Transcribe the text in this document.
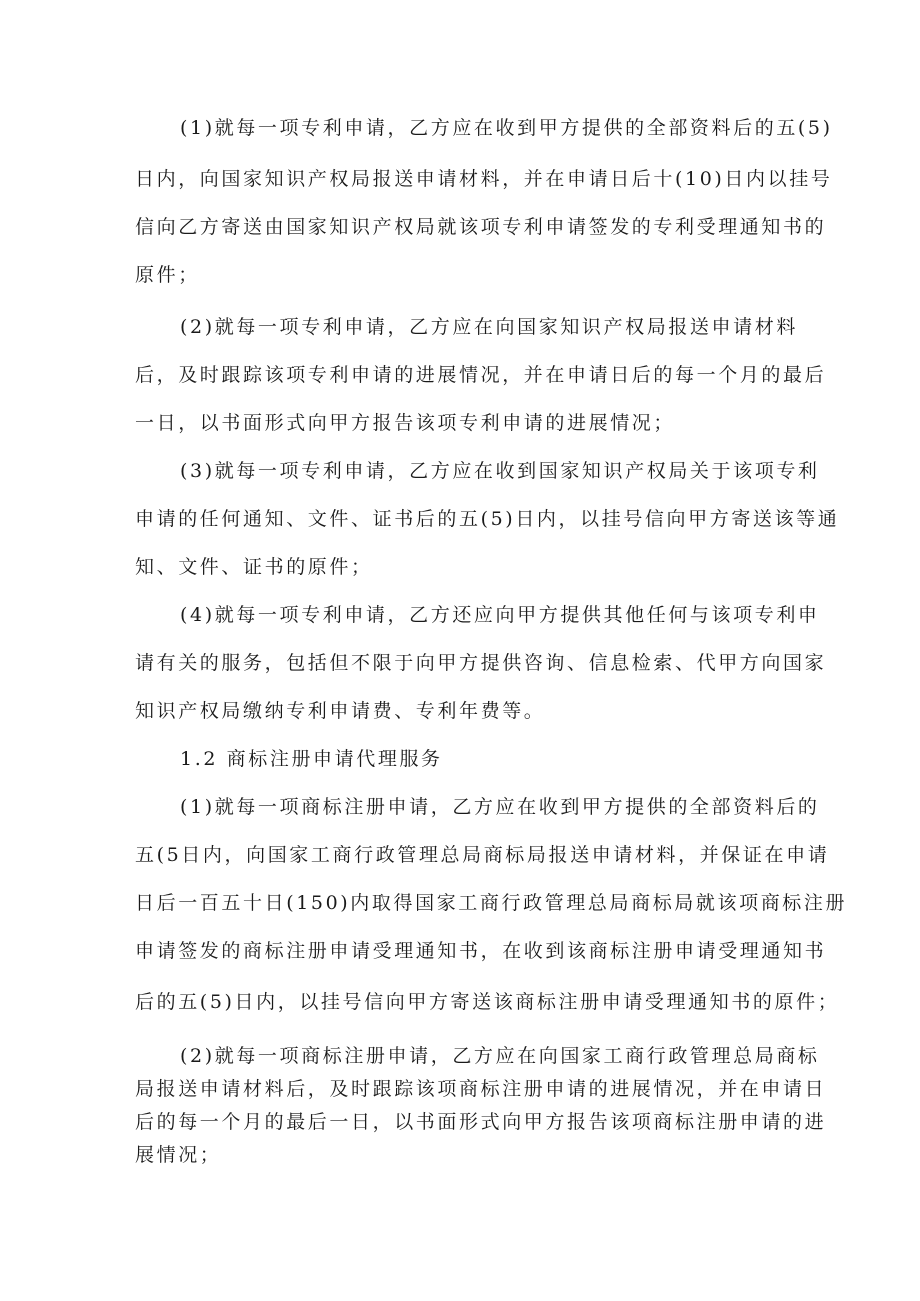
(1)就每一项专利申请，乙方应在收到甲方提供的全部资料后的五(5)
日内，向国家知识产权局报送申请材料，并在申请日后十(10)日内以挂号
信向乙方寄送由国家知识产权局就该项专利申请签发的专利受理通知书的
原件；
(2)就每一项专利申请，乙方应在向国家知识产权局报送申请材料
后，及时跟踪该项专利申请的进展情况，并在申请日后的每一个月的最后
一日，以书面形式向甲方报告该项专利申请的进展情况；
(3)就每一项专利申请，乙方应在收到国家知识产权局关于该项专利
申请的任何通知、文件、证书后的五(5)日内，以挂号信向甲方寄送该等通
知、文件、证书的原件；
(4)就每一项专利申请，乙方还应向甲方提供其他任何与该项专利申
请有关的服务，包括但不限于向甲方提供咨询、信息检索、代甲方向国家
知识产权局缴纳专利申请费、专利年费等。
1.2 商标注册申请代理服务
(1)就每一项商标注册申请，乙方应在收到甲方提供的全部资料后的
五(5日内，向国家工商行政管理总局商标局报送申请材料，并保证在申请
日后一百五十日(150)内取得国家工商行政管理总局商标局就该项商标注册
申请签发的商标注册申请受理通知书，在收到该商标注册申请受理通知书
后的五(5)日内，以挂号信向甲方寄送该商标注册申请受理通知书的原件；
(2)就每一项商标注册申请，乙方应在向国家工商行政管理总局商标
局报送申请材料后，及时跟踪该项商标注册申请的进展情况，并在申请日
后的每一个月的最后一日，以书面形式向甲方报告该项商标注册申请的进
展情况；
